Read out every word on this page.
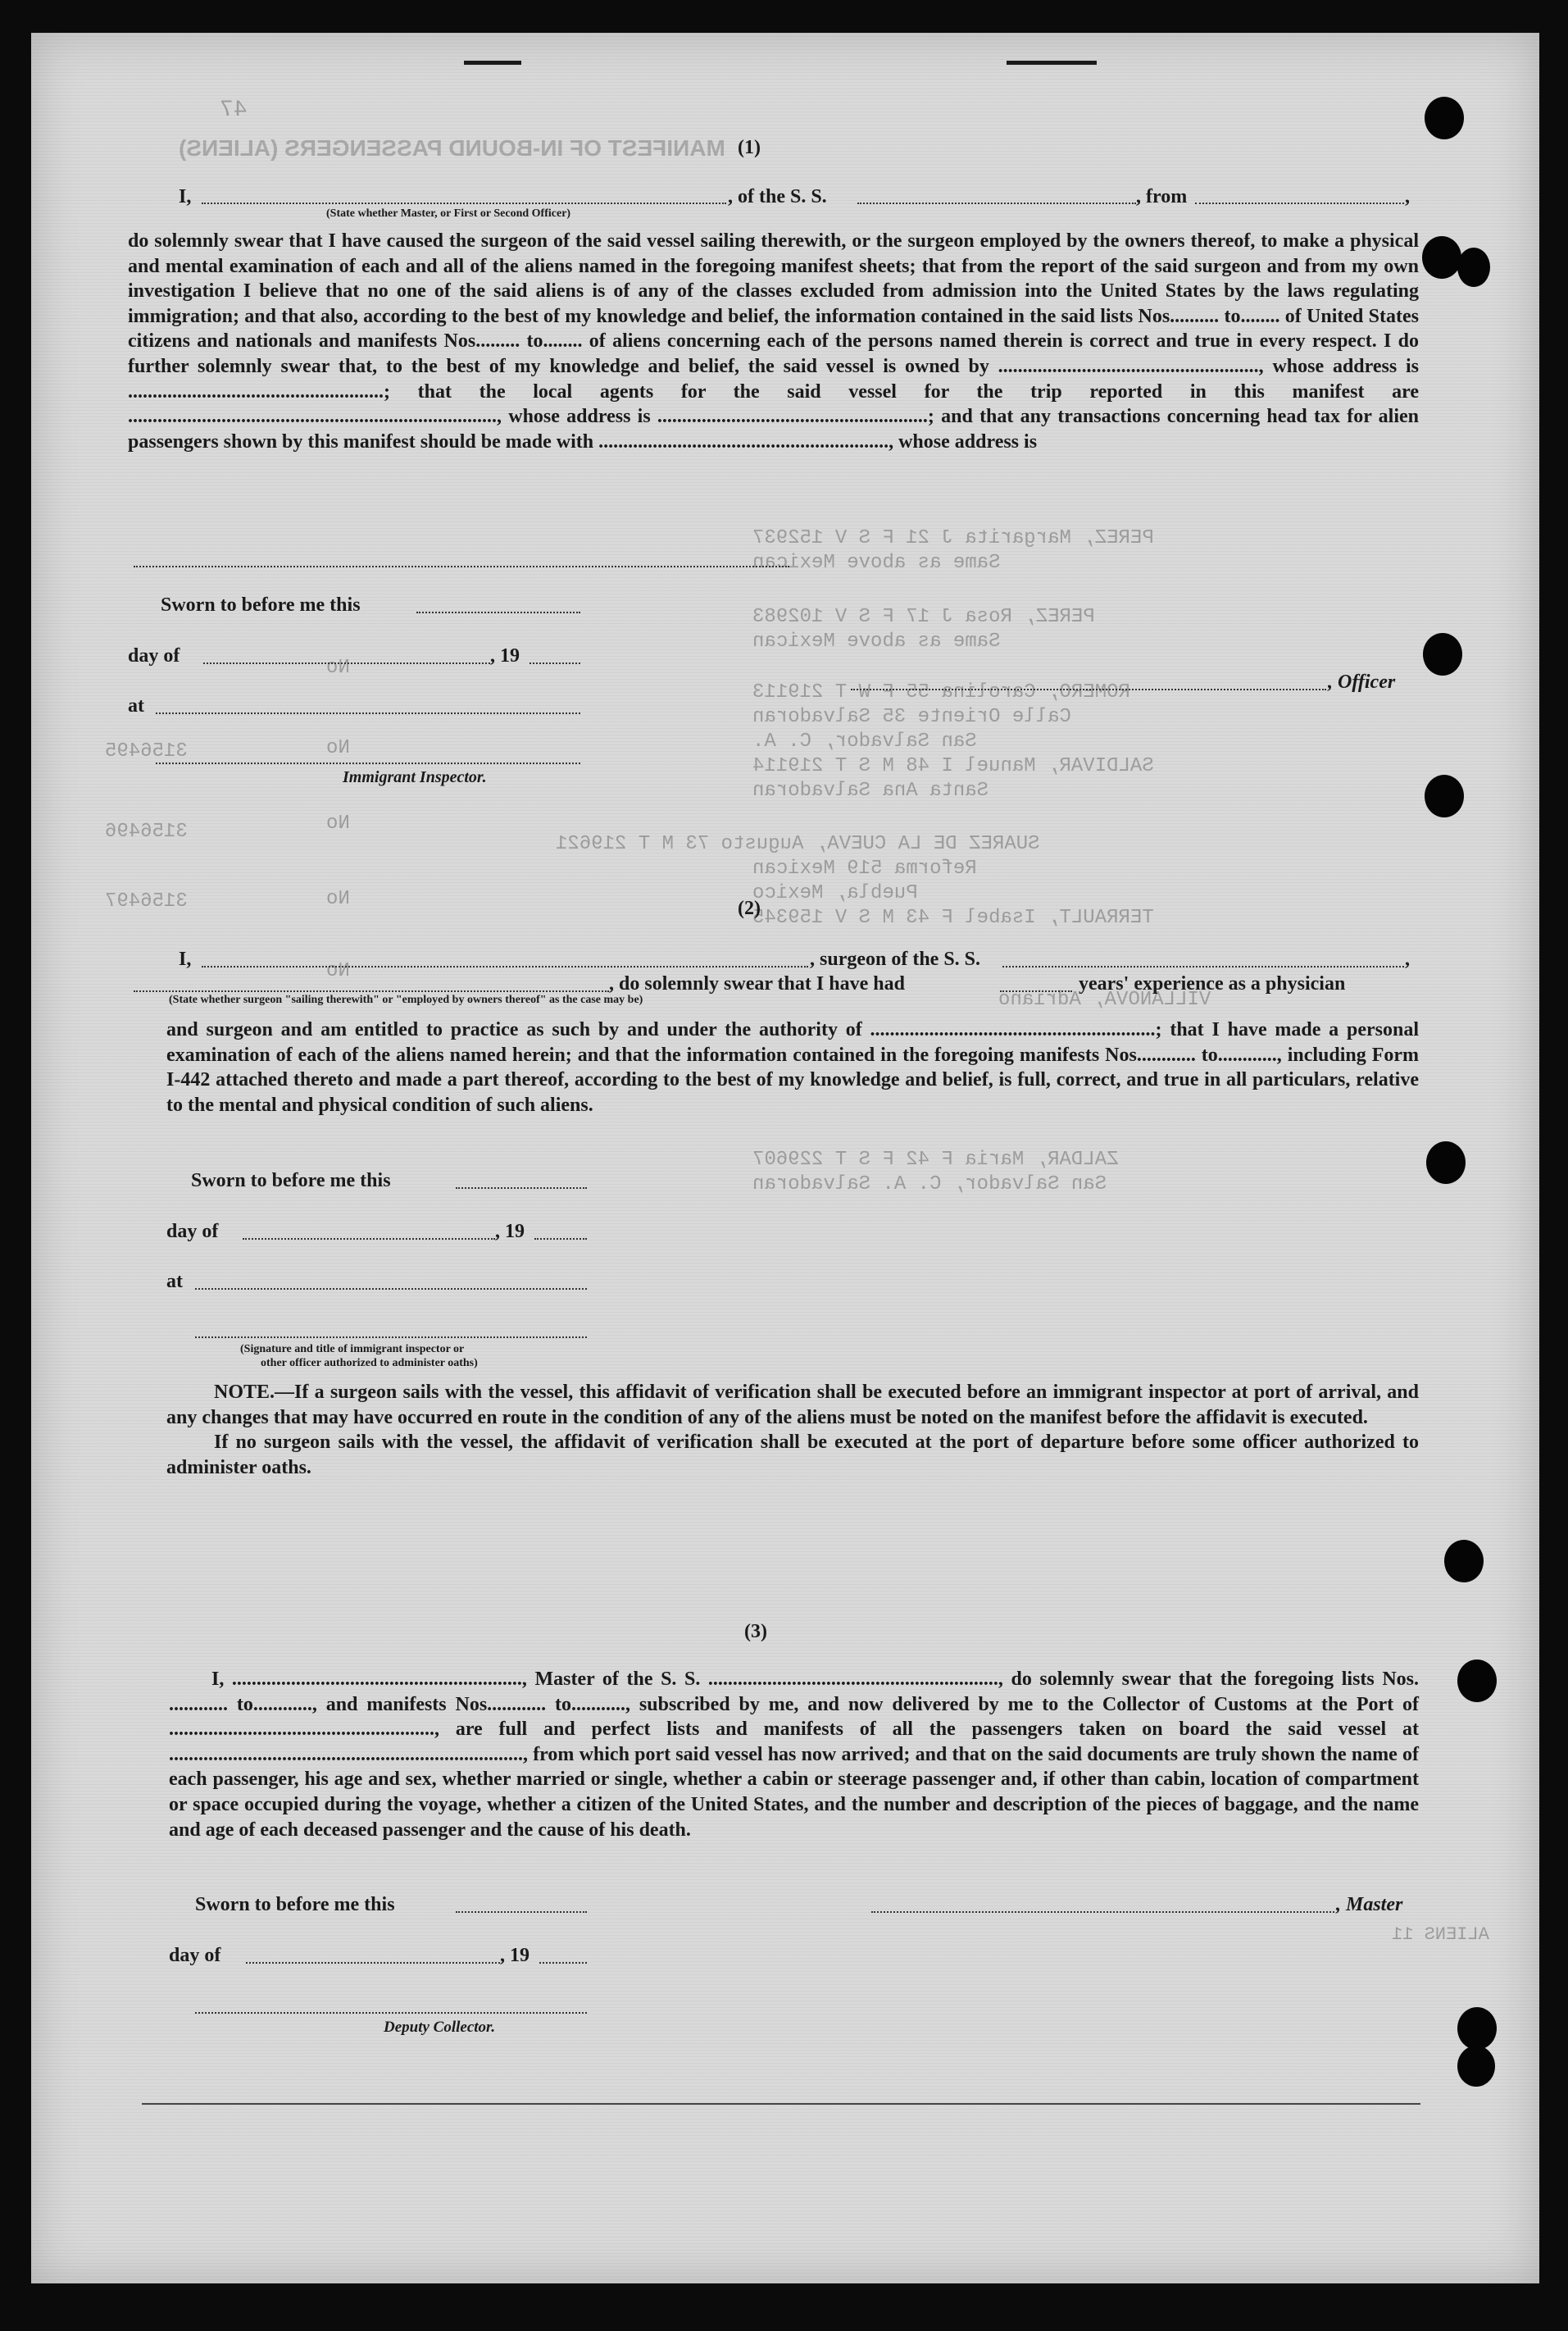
MANIFEST OF IN-BOUND PASSENGERS (ALIENS)
47
ALIENS 11
PEREZ, Margarita J 21 F S V 152937
Same as above Mexican
PEREZ, Rosa J 17 F S V 102983
Same as above Mexican
ROMERO, Carolina 55 F W T 219113
Calle Oriente 35 Salvadoran
San Salvador, C. A.
SALDIVAR, Manuel I 48 M S T 219114
Santa Ana Salvadoran
SUAREZ DE LA CUEVA, Augusto 73 M T 219621
Reforma 519 Mexican
Puebla, Mexico
TERRAULT, Isabel F 43 M S V 159345
VILLANOVA, Adriano
ZALDAR, Maria F 42 F S T 229607
San Salvador, C. A. Salvadoran
No
No
No
No
No
3156495
3156496
3156497
(1)
I,	, of the S. S.	, from	,
(State whether Master, or First or Second Officer)

do solemnly swear that I have caused the surgeon of the said vessel sailing therewith, or the surgeon employed by the owners thereof, to make a physical and mental examination of each and all of the aliens named in the foregoing manifest sheets; that from the report of the said surgeon and from my own investigation I believe that no one of the said aliens is of any of the classes excluded from admission into the United States by the laws regulating immigration; and that also, according to the best of my knowledge and belief, the information contained in the said lists Nos.......... to........ of United States citizens and nationals and manifests Nos......... to........ of aliens concerning each of the persons named therein is correct and true in every respect. I do further solemnly swear that, to the best of my knowledge and belief, the said vessel is owned by ....................................................., whose address is ....................................................; that the local agents for the said vessel for the trip reported in this manifest are ..........................................................................., whose address is .......................................................; and that any transactions concerning head tax for alien passengers shown by this manifest should be made with ..........................................................., whose address is

Sworn to before me this
day of	, 19
, Officer
at
Immigrant Inspector.
(2)
I,	, surgeon of the S. S.	,
, do solemnly swear that I have had	years' experience as a physician
(State whether surgeon "sailing therewith" or "employed by owners thereof" as the case may be)

and surgeon and am entitled to practice as such by and under the authority of ..........................................................; that I have made a personal examination of each of the aliens named herein; and that the information contained in the foregoing manifests Nos............ to............, including Form I-442 attached thereto and made a part thereof, according to the best of my knowledge and belief, is full, correct, and true in all particulars, relative to the mental and physical condition of such aliens.

Sworn to before me this
day of	, 19
at
(Signature and title of immigrant inspector or
other officer authorized to administer oaths)

NOTE.—If a surgeon sails with the vessel, this affidavit of verification shall be executed before an immigrant inspector at port of arrival, and any changes that may have occurred en route in the condition of any of the aliens must be noted on the manifest before the affidavit is executed.

If no surgeon sails with the vessel, the affidavit of verification shall be executed at the port of departure before some officer authorized to administer oaths.

(3)

I, ..........................................................., Master of the S. S. ..........................................................., do solemnly swear that the foregoing lists Nos. ............ to............, and manifests Nos............ to..........., subscribed by me, and now delivered by me to the Collector of Customs at the Port of ......................................................, are full and perfect lists and manifests of all the passengers taken on board the said vessel at ........................................................................, from which port said vessel has now arrived; and that on the said documents are truly shown the name of each passenger, his age and sex, whether married or single, whether a cabin or steerage passenger and, if other than cabin, location of compartment or space occupied during the voyage, whether a citizen of the United States, and the number and description of the pieces of baggage, and the name and age of each deceased passenger and the cause of his death.

Sworn to before me this	, Master
day of	, 19
Deputy Collector.
